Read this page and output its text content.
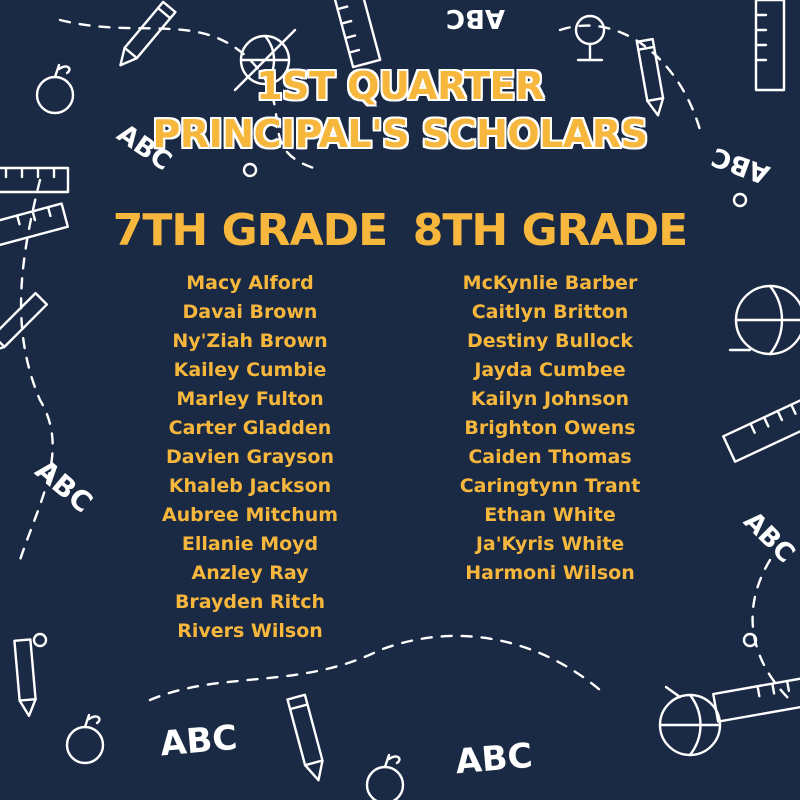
ABC
ABC	ABC
ABC
ABC
ABC	ABC
1ST QUARTER
PRINCIPAL'S SCHOLARS
7TH GRADE
Macy Alford
Davai Brown
Ny'Ziah Brown
Kailey Cumbie
Marley Fulton
Carter Gladden
Davien Grayson
Khaleb Jackson
Aubree Mitchum
Ellanie Moyd
Anzley Ray
Brayden Ritch
Rivers Wilson
8TH GRADE
McKynlie Barber
Caitlyn Britton
Destiny Bullock
Jayda Cumbee
Kailyn Johnson
Brighton Owens
Caiden Thomas
Caringtynn Trant
Ethan White
Ja'Kyris White
Harmoni Wilson
